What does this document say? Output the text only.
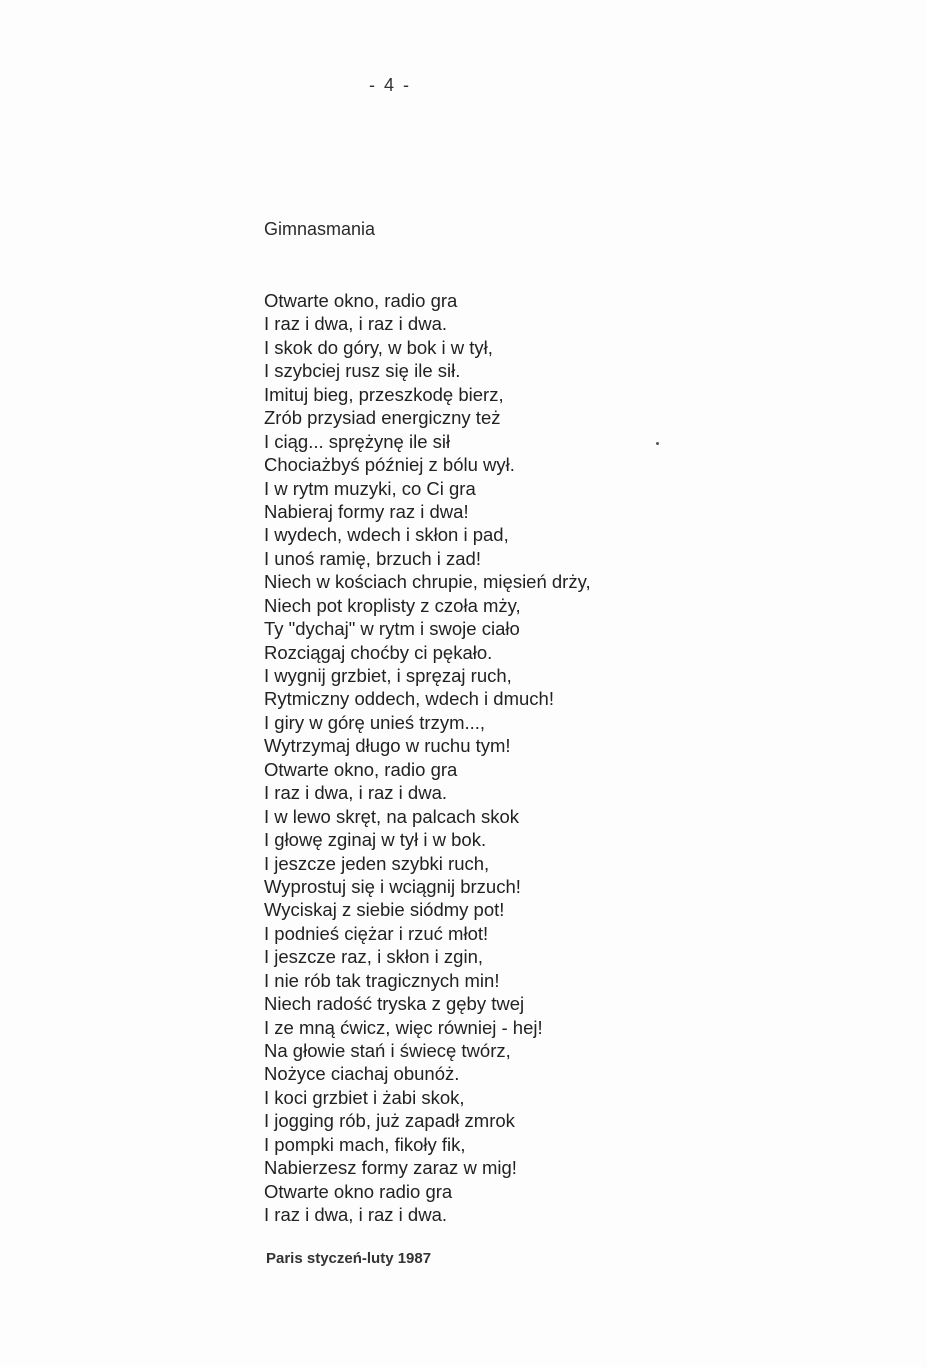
- 4 -
Gimnasmania
Otwarte okno, radio gra
I raz i dwa, i raz i dwa.
I skok do góry, w bok i w tył,
I szybciej rusz się ile sił.
Imituj bieg, przeszkodę bierz,
Zrób przysiad energiczny też
I ciąg... sprężynę ile sił
Chociażbyś później z bólu wył.
I w rytm muzyki, co Ci gra
Nabieraj formy raz i dwa!
I wydech, wdech i skłon i pad,
I unoś ramię, brzuch i zad!
Niech w kościach chrupie, mięsień drży,
Niech pot kroplisty z czoła mży,
Ty "dychaj" w rytm i swoje ciało
Rozciągaj choćby ci pękało.
I wygnij grzbiet, i spręzaj ruch,
Rytmiczny oddech, wdech i dmuch!
I giry w górę unieś trzym...,
Wytrzymaj długo w ruchu tym!
Otwarte okno, radio gra
I raz i dwa, i raz i dwa.
I w lewo skręt, na palcach skok
I głowę zginaj w tył i w bok.
I jeszcze jeden szybki ruch,
Wyprostuj się i wciągnij brzuch!
Wyciskaj z siebie siódmy pot!
I podnieś ciężar i rzuć młot!
I jeszcze raz, i skłon i zgin,
I nie rób tak tragicznych min!
Niech radość tryska z gęby twej
I ze mną ćwicz, więc równiej - hej!
Na głowie stań i świecę twórz,
Nożyce ciachaj obunóż.
I koci grzbiet i żabi skok,
I jogging rób, już zapadł zmrok
I pompki mach, fikoły fik,
Nabierzesz formy zaraz w mig!
Otwarte okno radio gra
I raz i dwa, i raz i dwa.
Paris styczeń-luty 1987
